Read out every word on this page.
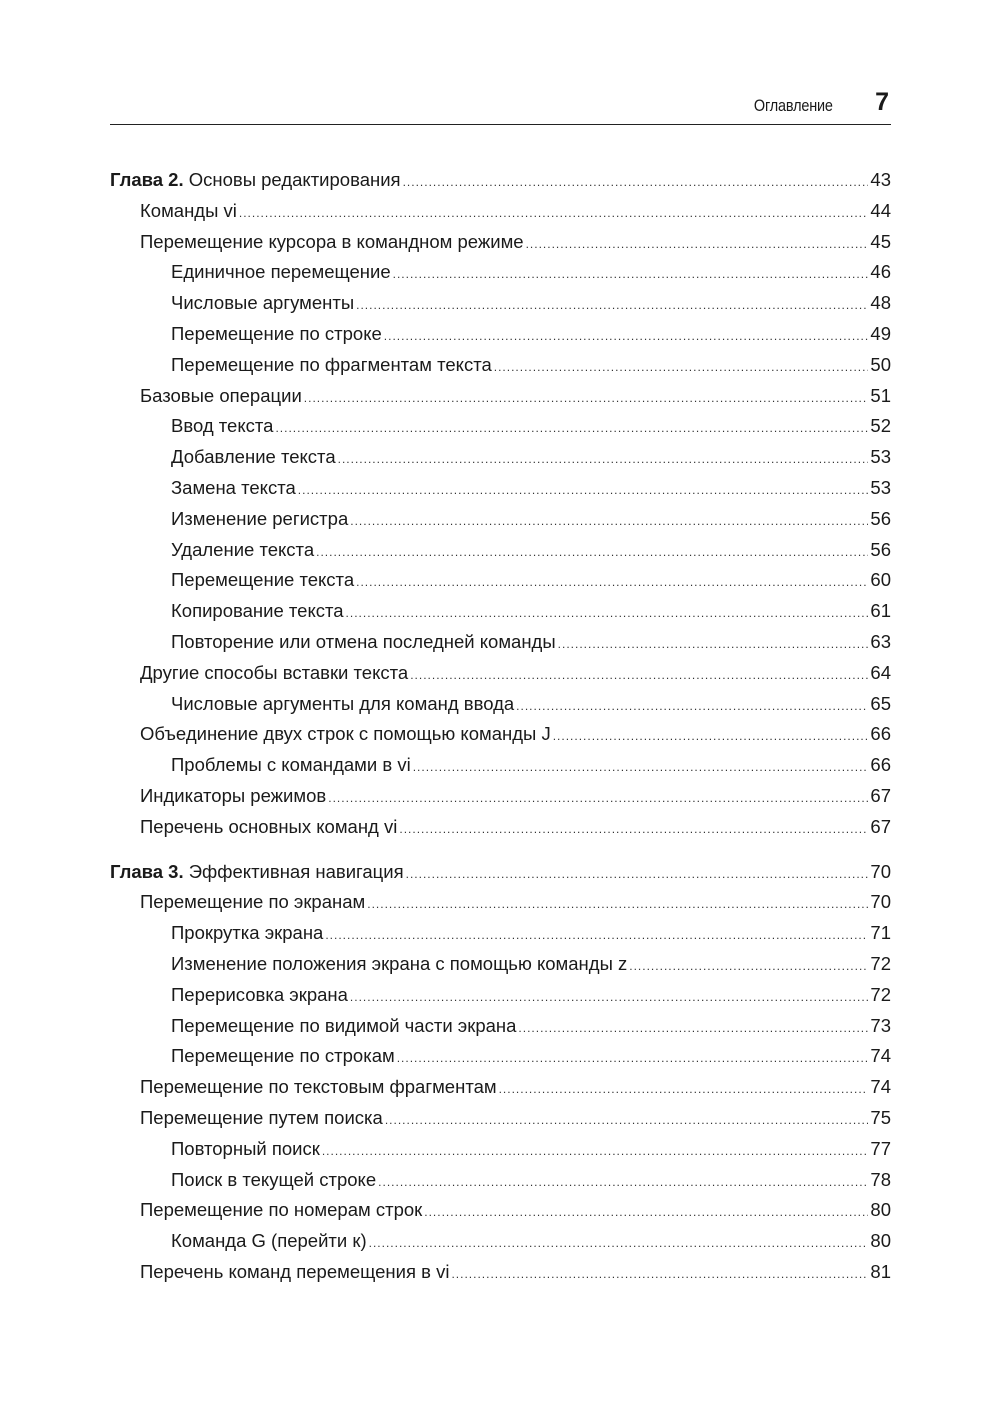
Оглавление 7
Глава 2. Основы редактирования .....	43
Команды vi .....	44
Перемещение курсора в командном режиме .....	45
Единичное перемещение .....	46
Числовые аргументы .....	48
Перемещение по строке .....	49
Перемещение по фрагментам текста .....	50
Базовые операции .....	51
Ввод текста .....	52
Добавление текста .....	53
Замена текста .....	53
Изменение регистра .....	56
Удаление текста .....	56
Перемещение текста .....	60
Копирование текста .....	61
Повторение или отмена последней команды .....	63
Другие способы вставки текста .....	64
Числовые аргументы для команд ввода .....	65
Объединение двух строк с помощью команды J .....	66
Проблемы с командами в vi .....	66
Индикаторы режимов .....	67
Перечень основных команд vi .....	67
Глава 3. Эффективная навигация .....	70
Перемещение по экранам .....	70
Прокрутка экрана .....	71
Изменение положения экрана с помощью команды z .....	72
Перерисовка экрана .....	72
Перемещение по видимой части экрана .....	73
Перемещение по строкам .....	74
Перемещение по текстовым фрагментам .....	74
Перемещение путем поиска .....	75
Повторный поиск .....	77
Поиск в текущей строке .....	78
Перемещение по номерам строк .....	80
Команда G (перейти к) .....	80
Перечень команд перемещения в vi .....	81
